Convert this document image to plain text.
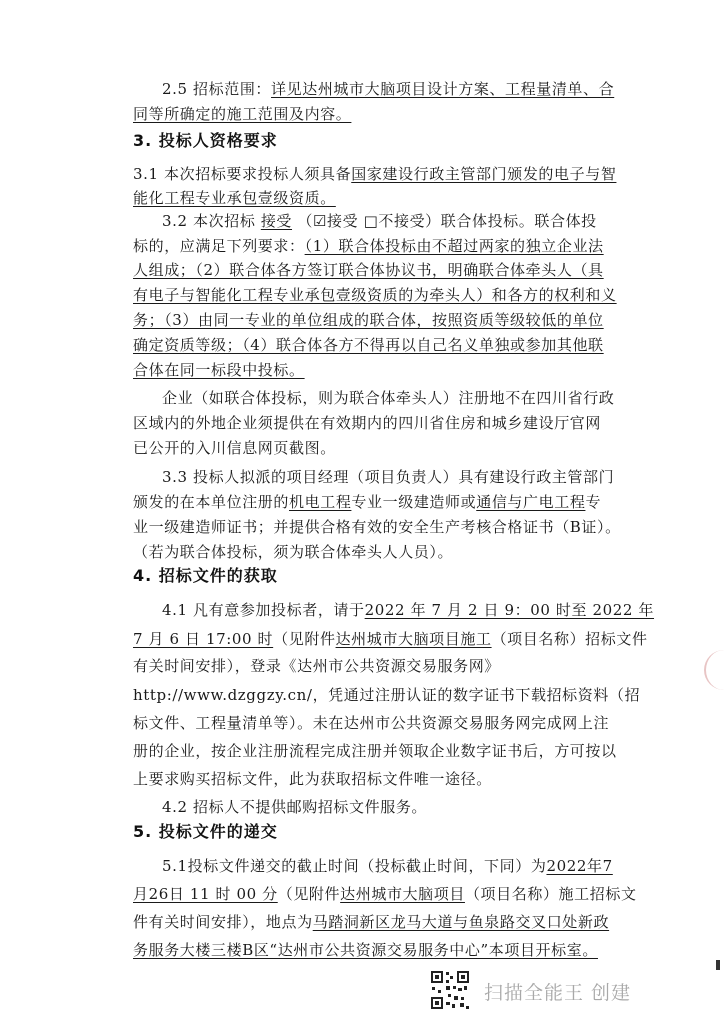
2.5 招标范围：详见达州城市大脑项目设计方案、工程量清单、合
同等所确定的施工范围及内容。
3. 投标人资格要求
3.1 本次招标要求投标人须具备国家建设行政主管部门颁发的电子与智
能化工程专业承包壹级资质。
3.2 本次招标 接受 （☑接受 □不接受）联合体投标。联合体投
标的，应满足下列要求：（1）联合体投标由不超过两家的独立企业法
人组成；（2）联合体各方签订联合体协议书，明确联合体牵头人（具
有电子与智能化工程专业承包壹级资质的为牵头人）和各方的权利和义
务；（3）由同一专业的单位组成的联合体，按照资质等级较低的单位
确定资质等级；（4）联合体各方不得再以自己名义单独或参加其他联
合体在同一标段中投标。
企业（如联合体投标，则为联合体牵头人）注册地不在四川省行政
区域内的外地企业须提供在有效期内的四川省住房和城乡建设厅官网
已公开的入川信息网页截图。
3.3 投标人拟派的项目经理（项目负责人）具有建设行政主管部门
颁发的在本单位注册的机电工程专业一级建造师或通信与广电工程专
业一级建造师证书；并提供合格有效的安全生产考核合格证书（B证）。
（若为联合体投标，须为联合体牵头人人员）。
4. 招标文件的获取
4.1 凡有意参加投标者，请于2022 年 7 月 2 日 9：00 时至 2022 年
7 月 6 日 17:00 时（见附件达州城市大脑项目施工（项目名称）招标文件
有关时间安排），登录《达州市公共资源交易服务网》
http://www.dzggzy.cn/，凭通过注册认证的数字证书下载招标资料（招
标文件、工程量清单等）。未在达州市公共资源交易服务网完成网上注
册的企业，按企业注册流程完成注册并领取企业数字证书后，方可按以
上要求购买招标文件，此为获取招标文件唯一途径。
4.2 招标人不提供邮购招标文件服务。
5. 投标文件的递交
5.1投标文件递交的截止时间（投标截止时间，下同）为2022年7
月26日 11 时 00 分（见附件达州城市大脑项目（项目名称）施工招标文
件有关时间安排），地点为马踏洞新区龙马大道与鱼泉路交叉口处新政
务服务大楼三楼B区“达州市公共资源交易服务中心”本项目开标室。
扫描全能王 创建
